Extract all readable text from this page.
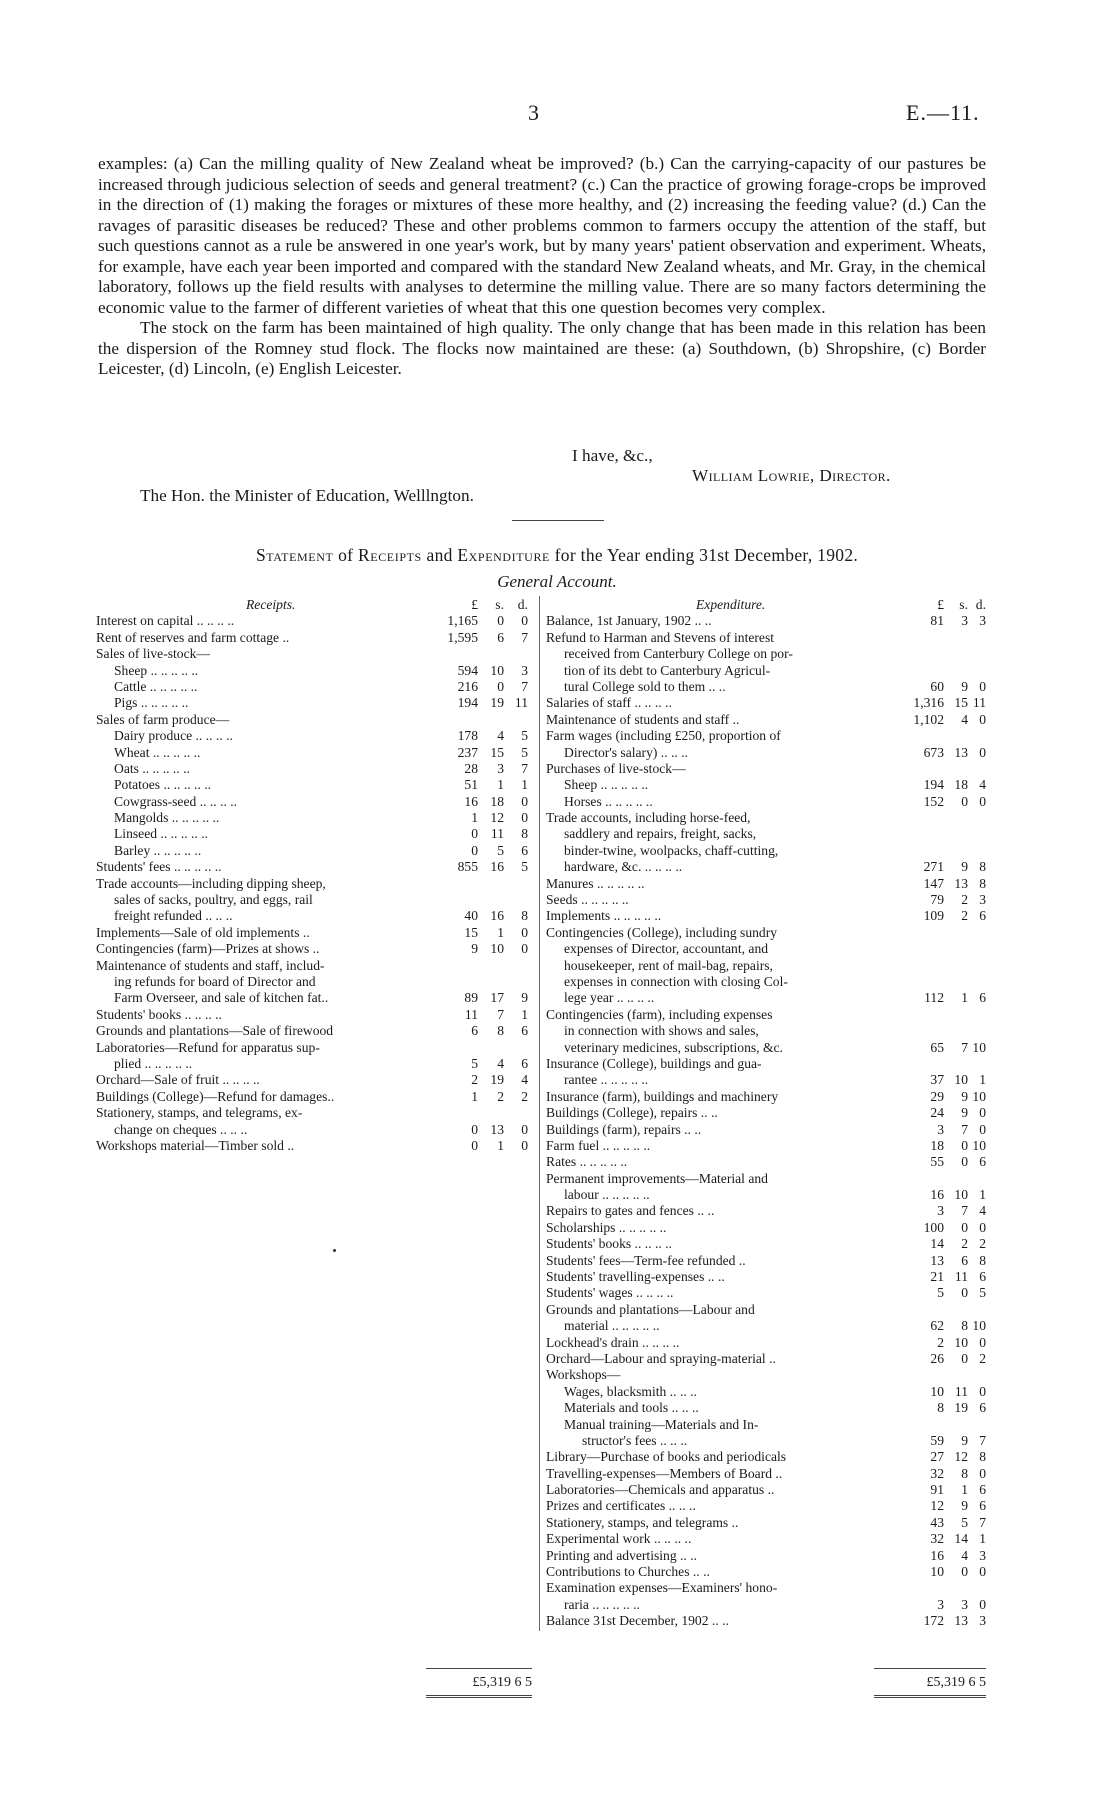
3	E.—11.

examples: (a) Can the milling quality of New Zealand wheat be improved? (b.) Can the carrying-capacity of our pastures be increased through judicious selection of seeds and general treatment? (c.) Can the practice of growing forage-crops be improved in the direction of (1) making the forages or mixtures of these more healthy, and (2) increasing the feeding value? (d.) Can the ravages of parasitic diseases be reduced? These and other problems common to farmers occupy the attention of the staff, but such questions cannot as a rule be answered in one year's work, but by many years' patient observation and experiment. Wheats, for example, have each year been imported and compared with the standard New Zealand wheats, and Mr. Gray, in the chemical laboratory, follows up the field results with analyses to determine the milling value. There are so many factors determining the economic value to the farmer of different varieties of wheat that this one question becomes very complex.

The stock on the farm has been maintained of high quality. The only change that has been made in this relation has been the dispersion of the Romney stud flock. The flocks now maintained are these: (a) Southdown, (b) Shropshire, (c) Border Leicester, (d) Lincoln, (e) English Leicester.

I have, &c.,
William Lowrie, Director.
The Hon. the Minister of Education, Welllngton.
Statement of Receipts and Expenditure for the Year ending 31st December, 1902.
General Account.
Receipts.	£	s.	d.
Interest on capital .. .. .. ..	1,165	0	0
Rent of reserves and farm cottage ..	1,595	6	7
Sales of live-stock—
Sheep .. .. .. .. ..	594 10	3
Cattle .. .. .. .. ..	216	0	7
Pigs .. .. .. .. ..	194 19 11
Sales of farm produce—
Dairy produce .. .. .. ..	178	4	5
Wheat .. .. .. .. ..	237 15	5
Oats .. .. .. .. ..	28	3	7
Potatoes .. .. .. .. ..	51	1	1
Cowgrass-seed .. .. .. ..	16 18	0
Mangolds .. .. .. .. ..	1 12	0
Linseed .. .. .. .. ..	0 11	8
Barley .. .. .. .. ..	0	5	6
Students' fees .. .. .. .. ..	855 16	5
Trade accounts—including dipping sheep,
sales of sacks, poultry, and eggs, rail
freight refunded .. .. ..	40 16	8
Implements—Sale of old implements ..	15	1	0
Contingencies (farm)—Prizes at shows ..	9 10	0
Maintenance of students and staff, includ-
ing refunds for board of Director and
Farm Overseer, and sale of kitchen fat..	89 17	9
Students' books .. .. .. ..	11	7	1
Grounds and plantations—Sale of firewood	6	8	6
Laboratories—Refund for apparatus sup-
plied .. .. .. .. ..	5	4	6
Orchard—Sale of fruit .. .. .. ..	2 19	4
Buildings (College)—Refund for damages..	1	2	2
Stationery, stamps, and telegrams, ex-
change on cheques .. .. ..	0 13	0
Workshops material—Timber sold ..	0	1	0
Expenditure.	£	s. d.
Balance, 1st January, 1902 .. ..	81	3 3
Refund to Harman and Stevens of interest
received from Canterbury College on por-
tion of its debt to Canterbury Agricul-
tural College sold to them .. ..	60	9 0
Salaries of staff .. .. .. ..	1,316 15 11
Maintenance of students and staff ..	1,102	4 0
Farm wages (including £250, proportion of
Director's salary) .. .. ..	673 13 0
Purchases of live-stock—
Sheep .. .. .. .. ..	194 18 4
Horses .. .. .. .. ..	152	0 0
Trade accounts, including horse-feed,
saddlery and repairs, freight, sacks,
binder-twine, woolpacks, chaff-cutting,
hardware, &c. .. .. .. ..	271	9 8
Manures .. .. .. .. ..	147 13 8
Seeds .. .. .. .. ..	79	2 3
Implements .. .. .. .. ..	109	2 6
Contingencies (College), including sundry
expenses of Director, accountant, and
housekeeper, rent of mail-bag, repairs,
expenses in connection with closing Col-
lege year .. .. .. ..	112	1 6
Contingencies (farm), including expenses
in connection with shows and sales,
veterinary medicines, subscriptions, &c.	65	7 10
Insurance (College), buildings and gua-
rantee .. .. .. .. ..	37 10 1
Insurance (farm), buildings and machinery	29	9 10
Buildings (College), repairs .. ..	24	9 0
Buildings (farm), repairs .. ..	3	7 0
Farm fuel .. .. .. .. ..	18	0 10
Rates .. .. .. .. ..	55	0 6
Permanent improvements—Material and
labour .. .. .. .. ..	16 10 1
Repairs to gates and fences .. ..	3	7 4
Scholarships .. .. .. .. ..	100	0 0
Students' books .. .. .. ..	14	2 2
Students' fees—Term-fee refunded ..	13	6 8
Students' travelling-expenses .. ..	21 11 6
Students' wages .. .. .. ..	5	0 5
Grounds and plantations—Labour and
material .. .. .. .. ..	62	8 10
Lockhead's drain .. .. .. ..	2 10 0
Orchard—Labour and spraying-material ..	26	0 2
Workshops—
Wages, blacksmith .. .. ..	10 11 0
Materials and tools .. .. ..	8 19 6
Manual training—Materials and In-
structor's fees .. .. ..	59	9 7
Library—Purchase of books and periodicals	27 12 8
Travelling-expenses—Members of Board ..	32	8 0
Laboratories—Chemicals and apparatus ..	91	1 6
Prizes and certificates .. .. ..	12	9 6
Stationery, stamps, and telegrams ..	43	5 7
Experimental work .. .. .. ..	32 14 1
Printing and advertising .. ..	16	4 3
Contributions to Churches .. ..	10	0 0
Examination expenses—Examiners' hono-
raria .. .. .. .. ..	3	3 0
Balance 31st December, 1902 .. ..	172 13 3
£5,319 6 5	£5,319 6 5
